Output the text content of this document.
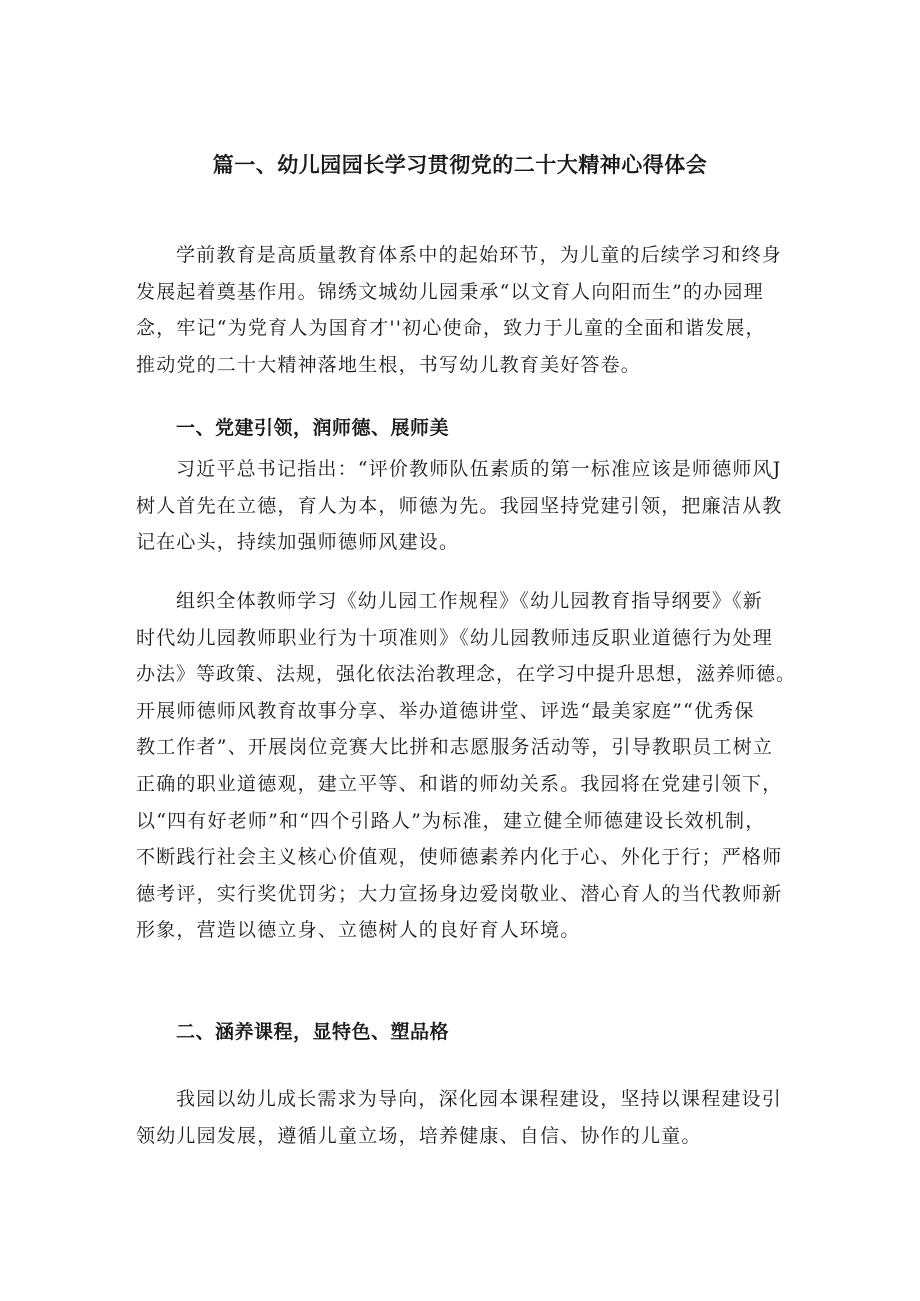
篇一、幼儿园园长学习贯彻党的二十大精神心得体会

学前教育是高质量教育体系中的起始环节，为儿童的后续学习和终身
发展起着奠基作用。锦绣文城幼儿园秉承“以文育人向阳而生”的办园理
念，牢记“为党育人为国育才''初心使命，致力于儿童的全面和谐发展，
推动党的二十大精神落地生根，书写幼儿教育美好答卷。

一、党建引领，润师德、展师美

习近平总书记指出：“评价教师队伍素质的第一标准应该是师德师风J
树人首先在立德，育人为本，师德为先。我园坚持党建引领，把廉洁从教
记在心头，持续加强师德师风建设。

组织全体教师学习《幼儿园工作规程》《幼儿园教育指导纲要》《新
时代幼儿园教师职业行为十项准则》《幼儿园教师违反职业道德行为处理
办法》等政策、法规，强化依法治教理念，在学习中提升思想，滋养师德。
开展师德师风教育故事分享、举办道德讲堂、评选“最美家庭”“优秀保
教工作者”、开展岗位竞赛大比拼和志愿服务活动等，引导教职员工树立
正确的职业道德观，建立平等、和谐的师幼关系。我园将在党建引领下，
以“四有好老师”和“四个引路人”为标准，建立健全师德建设长效机制，
不断践行社会主义核心价值观，使师德素养内化于心、外化于行；严格师
德考评，实行奖优罚劣；大力宣扬身边爱岗敬业、潜心育人的当代教师新
形象，营造以德立身、立德树人的良好育人环境。

二、涵养课程，显特色、塑品格

我园以幼儿成长需求为导向，深化园本课程建设，坚持以课程建设引
领幼儿园发展，遵循儿童立场，培养健康、自信、协作的儿童。
